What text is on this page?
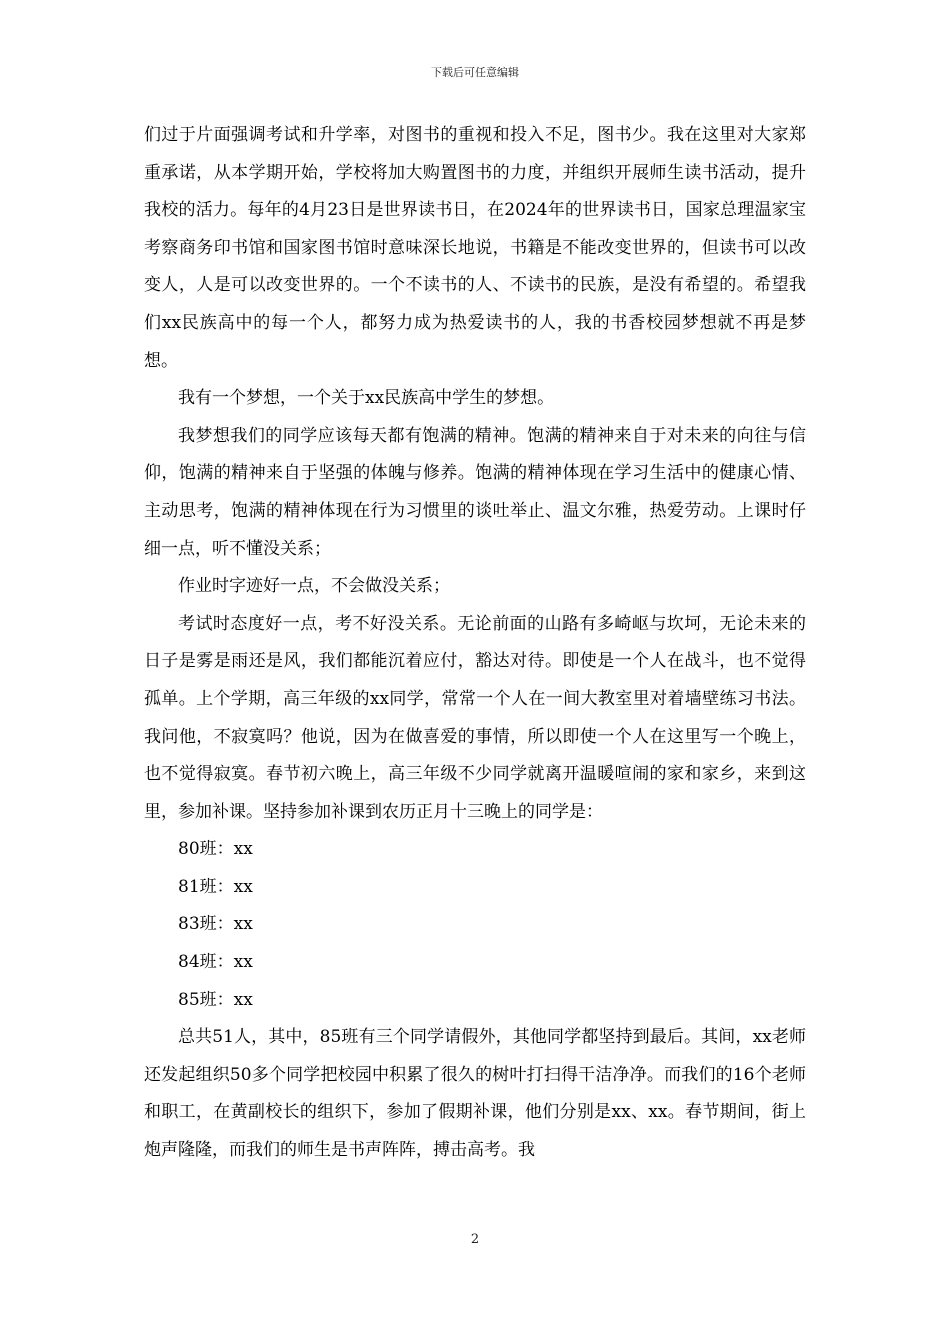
下载后可任意编辑

们过于片面强调考试和升学率，对图书的重视和投入不足，图书少。我在这里对大家郑重承诺，从本学期开始，学校将加大购置图书的力度，并组织开展师生读书活动，提升我校的活力。每年的4月23日是世界读书日，在2024年的世界读书日，国家总理温家宝考察商务印书馆和国家图书馆时意味深长地说，书籍是不能改变世界的，但读书可以改变人，人是可以改变世界的。一个不读书的人、不读书的民族，是没有希望的。希望我们xx民族高中的每一个人，都努力成为热爱读书的人，我的书香校园梦想就不再是梦想。

我有一个梦想，一个关于xx民族高中学生的梦想。

我梦想我们的同学应该每天都有饱满的精神。饱满的精神来自于对未来的向往与信仰，饱满的精神来自于坚强的体魄与修养。饱满的精神体现在学习生活中的健康心情、主动思考，饱满的精神体现在行为习惯里的谈吐举止、温文尔雅，热爱劳动。上课时仔细一点，听不懂没关系；

作业时字迹好一点，不会做没关系；

考试时态度好一点，考不好没关系。无论前面的山路有多崎岖与坎坷，无论未来的日子是雾是雨还是风，我们都能沉着应付，豁达对待。即使是一个人在战斗，也不觉得孤单。上个学期，高三年级的xx同学，常常一个人在一间大教室里对着墙壁练习书法。我问他，不寂寞吗？他说，因为在做喜爱的事情，所以即使一个人在这里写一个晚上，也不觉得寂寞。春节初六晚上，高三年级不少同学就离开温暖喧闹的家和家乡，来到这里，参加补课。坚持参加补课到农历正月十三晚上的同学是：

80班：xx

81班：xx

83班：xx

84班：xx

85班：xx

总共51人，其中，85班有三个同学请假外，其他同学都坚持到最后。其间，xx老师还发起组织50多个同学把校园中积累了很久的树叶打扫得干洁净净。而我们的16个老师和职工，在黄副校长的组织下，参加了假期补课，他们分别是xx、xx。春节期间，街上炮声隆隆，而我们的师生是书声阵阵，搏击高考。我

2
